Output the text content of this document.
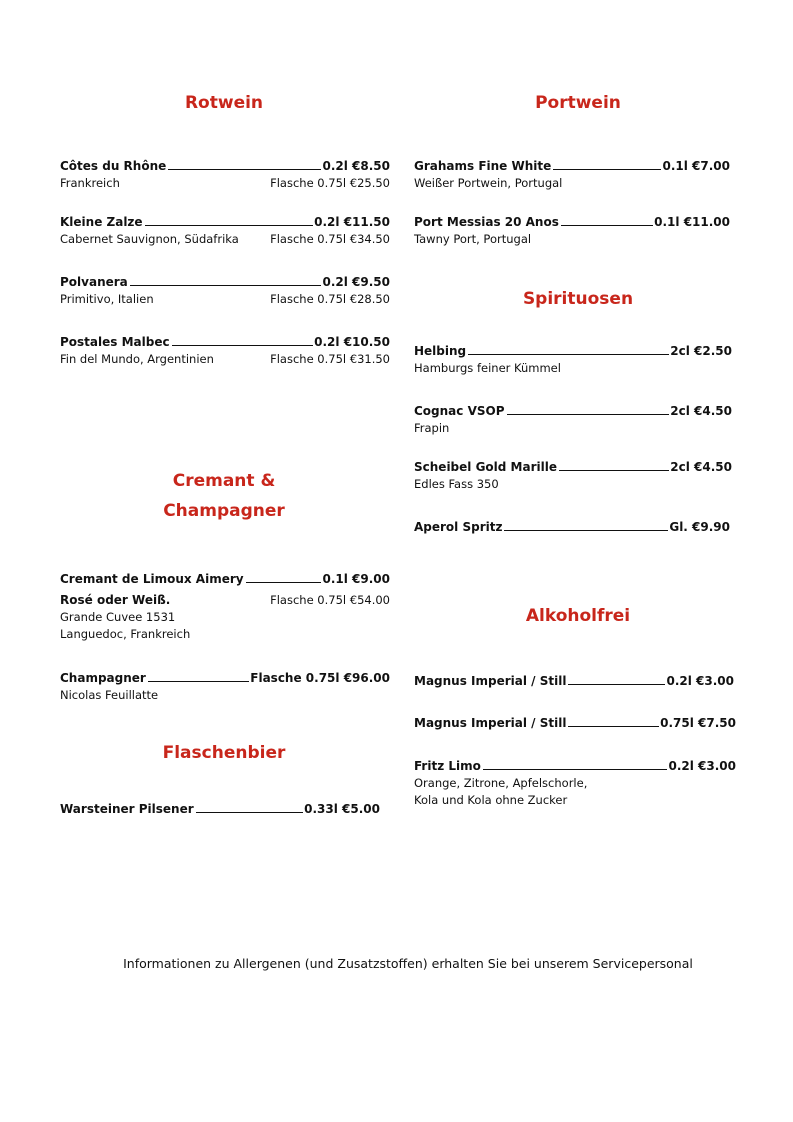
Rotwein
Côtes du Rhône	0.2l €8.50
Frankreich	Flasche 0.75l €25.50
Kleine Zalze	0.2l €11.50
Cabernet Sauvignon, Südafrika	Flasche 0.75l €34.50
Polvanera	0.2l €9.50
Primitivo, Italien	Flasche 0.75l €28.50
Postales Malbec	0.2l €10.50
Fin del Mundo, Argentinien	Flasche 0.75l €31.50
Cremant &
Champagner
Cremant de Limoux Aimery	0.1l €9.00
Rosé oder Weiß.	Flasche 0.75l €54.00
Grande Cuvee 1531
Languedoc, Frankreich
Champagner	Flasche 0.75l €96.00
Nicolas Feuillatte
Flaschenbier
Warsteiner Pilsener	0.33l €5.00
Portwein
Grahams Fine White	0.1l €7.00
Weißer Portwein, Portugal
Port Messias 20 Anos	0.1l €11.00
Tawny Port, Portugal
Spirituosen
Helbing	2cl €2.50
Hamburgs feiner Kümmel
Cognac VSOP	2cl €4.50
Frapin
Scheibel Gold Marille	2cl €4.50
Edles Fass 350
Aperol Spritz	Gl. €9.90
Alkoholfrei
Magnus Imperial / Still	0.2l €3.00
Magnus Imperial / Still	0.75l €7.50
Fritz Limo	0.2l €3.00
Orange, Zitrone, Apfelschorle,
Kola und Kola ohne Zucker
Informationen zu Allergenen (und Zusatzstoffen) erhalten Sie bei unserem Servicepersonal
